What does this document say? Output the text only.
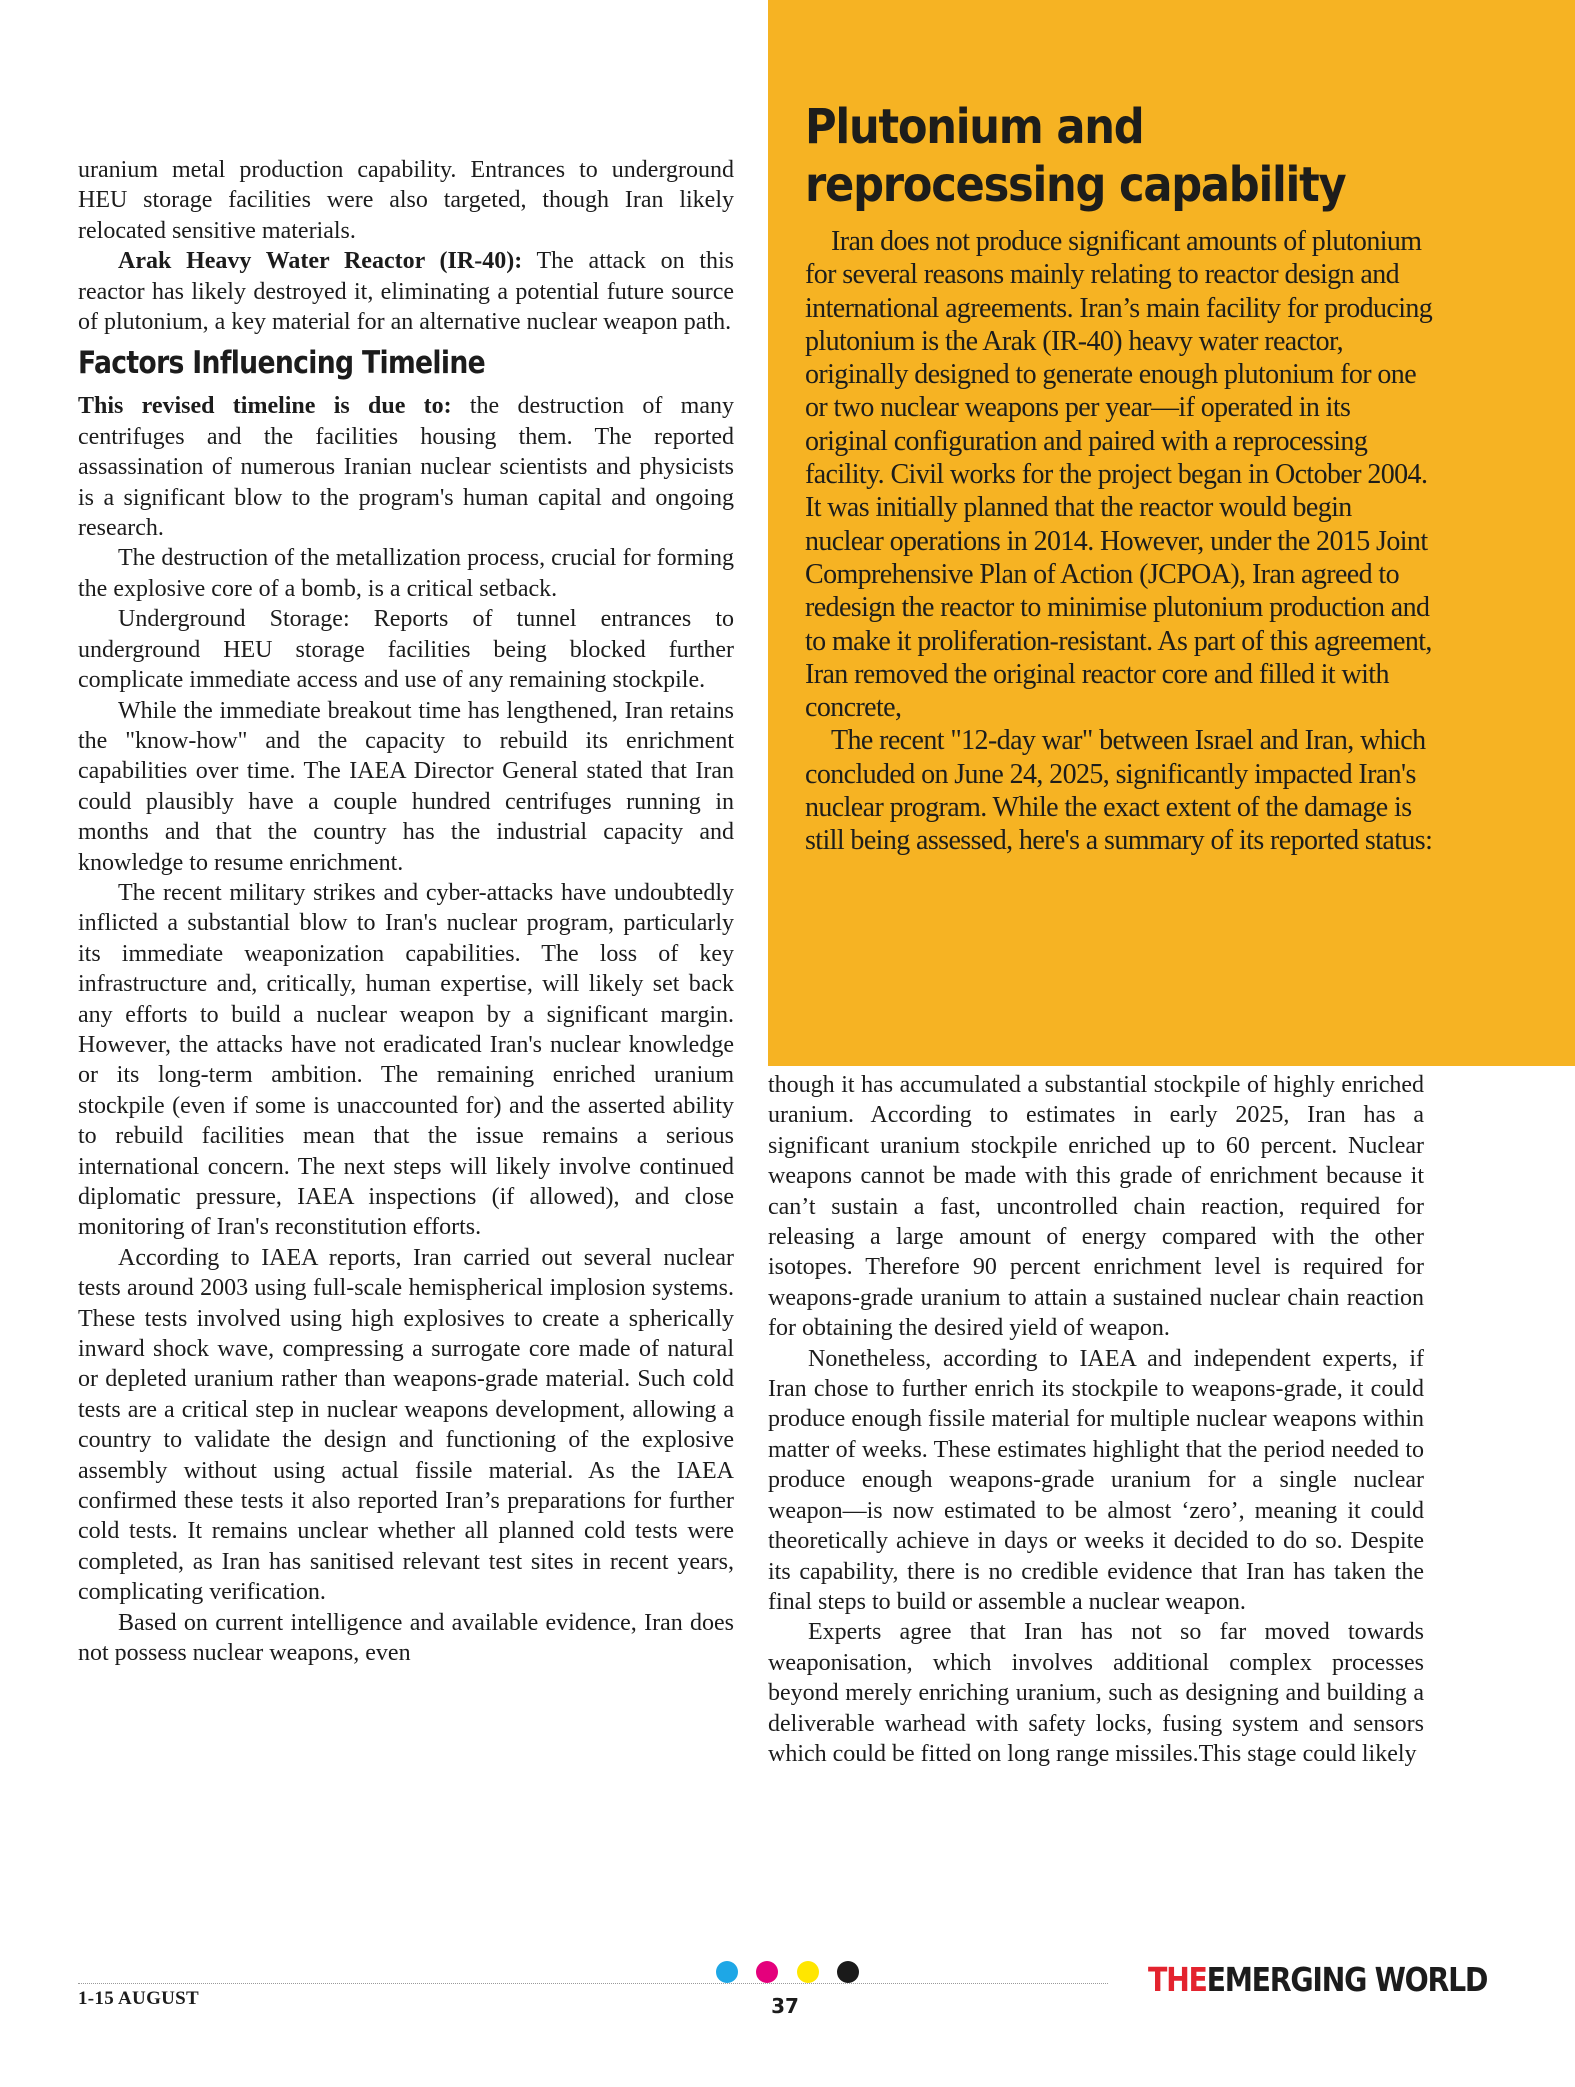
Plutonium and
reprocessing capability

Iran does not produce significant amounts of plutonium for several reasons mainly relating to reactor design and international agreements. Iran’s main facility for producing plutonium is the Arak (IR-40) heavy water reactor, originally designed to generate enough plutonium for one or two nuclear weapons per year—if operated in its original configuration and paired with a reprocessing facility. Civil works for the project began in October 2004. It was initially planned that the reactor would begin nuclear operations in 2014. However, under the 2015 Joint Comprehensive Plan of Action (JCPOA), Iran agreed to redesign the reactor to minimise plutonium production and to make it proliferation-resistant. As part of this agreement, Iran removed the original reactor core and filled it with concrete,

The recent "12-day war" between Israel and Iran, which concluded on June 24, 2025, significantly impacted Iran's nuclear program. While the exact extent of the damage is still being assessed, here's a summary of its reported status:

uranium metal production capability. Entrances to underground HEU storage facilities were also targeted, though Iran likely relocated sensitive materials.

Arak Heavy Water Reactor (IR-40): The attack on this reactor has likely destroyed it, eliminating a potential future source of plutonium, a key material for an alternative nuclear weapon path.

Factors Influencing Timeline

This revised timeline is due to: the destruction of many centrifuges and the facilities housing them. The reported assassination of numerous Iranian nuclear scientists and physicists is a significant blow to the program's human capital and ongoing research.

The destruction of the metallization process, crucial for forming the explosive core of a bomb, is a critical setback.

Underground Storage: Reports of tunnel entrances to underground HEU storage facilities being blocked further complicate immediate access and use of any remaining stockpile.

While the immediate breakout time has lengthened, Iran retains the "know-how" and the capacity to rebuild its enrichment capabilities over time. The IAEA Director General stated that Iran could plausibly have a couple hundred centrifuges running in months and that the country has the industrial capacity and knowledge to resume enrichment.

The recent military strikes and cyber-attacks have undoubtedly inflicted a substantial blow to Iran's nuclear program, particularly its immediate weaponization capabilities. The loss of key infrastructure and, critically, human expertise, will likely set back any efforts to build a nuclear weapon by a significant margin. However, the attacks have not eradicated Iran's nuclear knowledge or its long-term ambition. The remaining enriched uranium stockpile (even if some is unaccounted for) and the asserted ability to rebuild facilities mean that the issue remains a serious international concern. The next steps will likely involve continued diplomatic pressure, IAEA inspections (if allowed), and close monitoring of Iran's reconstitution efforts.

According to IAEA reports, Iran carried out several nuclear tests around 2003 using full-scale hemispherical implosion systems. These tests involved using high explosives to create a spherically inward shock wave, compressing a surrogate core made of natural or depleted uranium rather than weapons-grade material. Such cold tests are a critical step in nuclear weapons development, allowing a country to validate the design and functioning of the explosive assembly without using actual fissile material. As the IAEA confirmed these tests it also reported Iran’s preparations for further cold tests. It remains unclear whether all planned cold tests were completed, as Iran has sanitised relevant test sites in recent years, complicating verification.

Based on current intelligence and available evidence, Iran does not possess nuclear weapons, even

though it has accumulated a substantial stockpile of highly enriched uranium. According to estimates in early 2025, Iran has a significant uranium stockpile enriched up to 60 percent. Nuclear weapons cannot be made with this grade of enrichment because it can’t sustain a fast, uncontrolled chain reaction, required for releasing a large amount of energy compared with the other isotopes. Therefore 90 percent enrichment level is required for weapons-grade uranium to attain a sustained nuclear chain reaction for obtaining the desired yield of weapon.

Nonetheless, according to IAEA and independent experts, if Iran chose to further enrich its stockpile to weapons-grade, it could produce enough fissile material for multiple nuclear weapons within matter of weeks. These estimates highlight that the period needed to produce enough weapons-grade uranium for a single nuclear weapon—is now estimated to be almost ‘zero’, meaning it could theoretically achieve in days or weeks it decided to do so. Despite its capability, there is no credible evidence that Iran has taken the final steps to build or assemble a nuclear weapon.

Experts agree that Iran has not so far moved towards weaponisation, which involves additional complex processes beyond merely enriching uranium, such as designing and building a deliverable warhead with safety locks, fusing system and sensors which could be fitted on long range missiles.This stage could likely

1-15 AUGUST	37
THEEMERGING WORLD
